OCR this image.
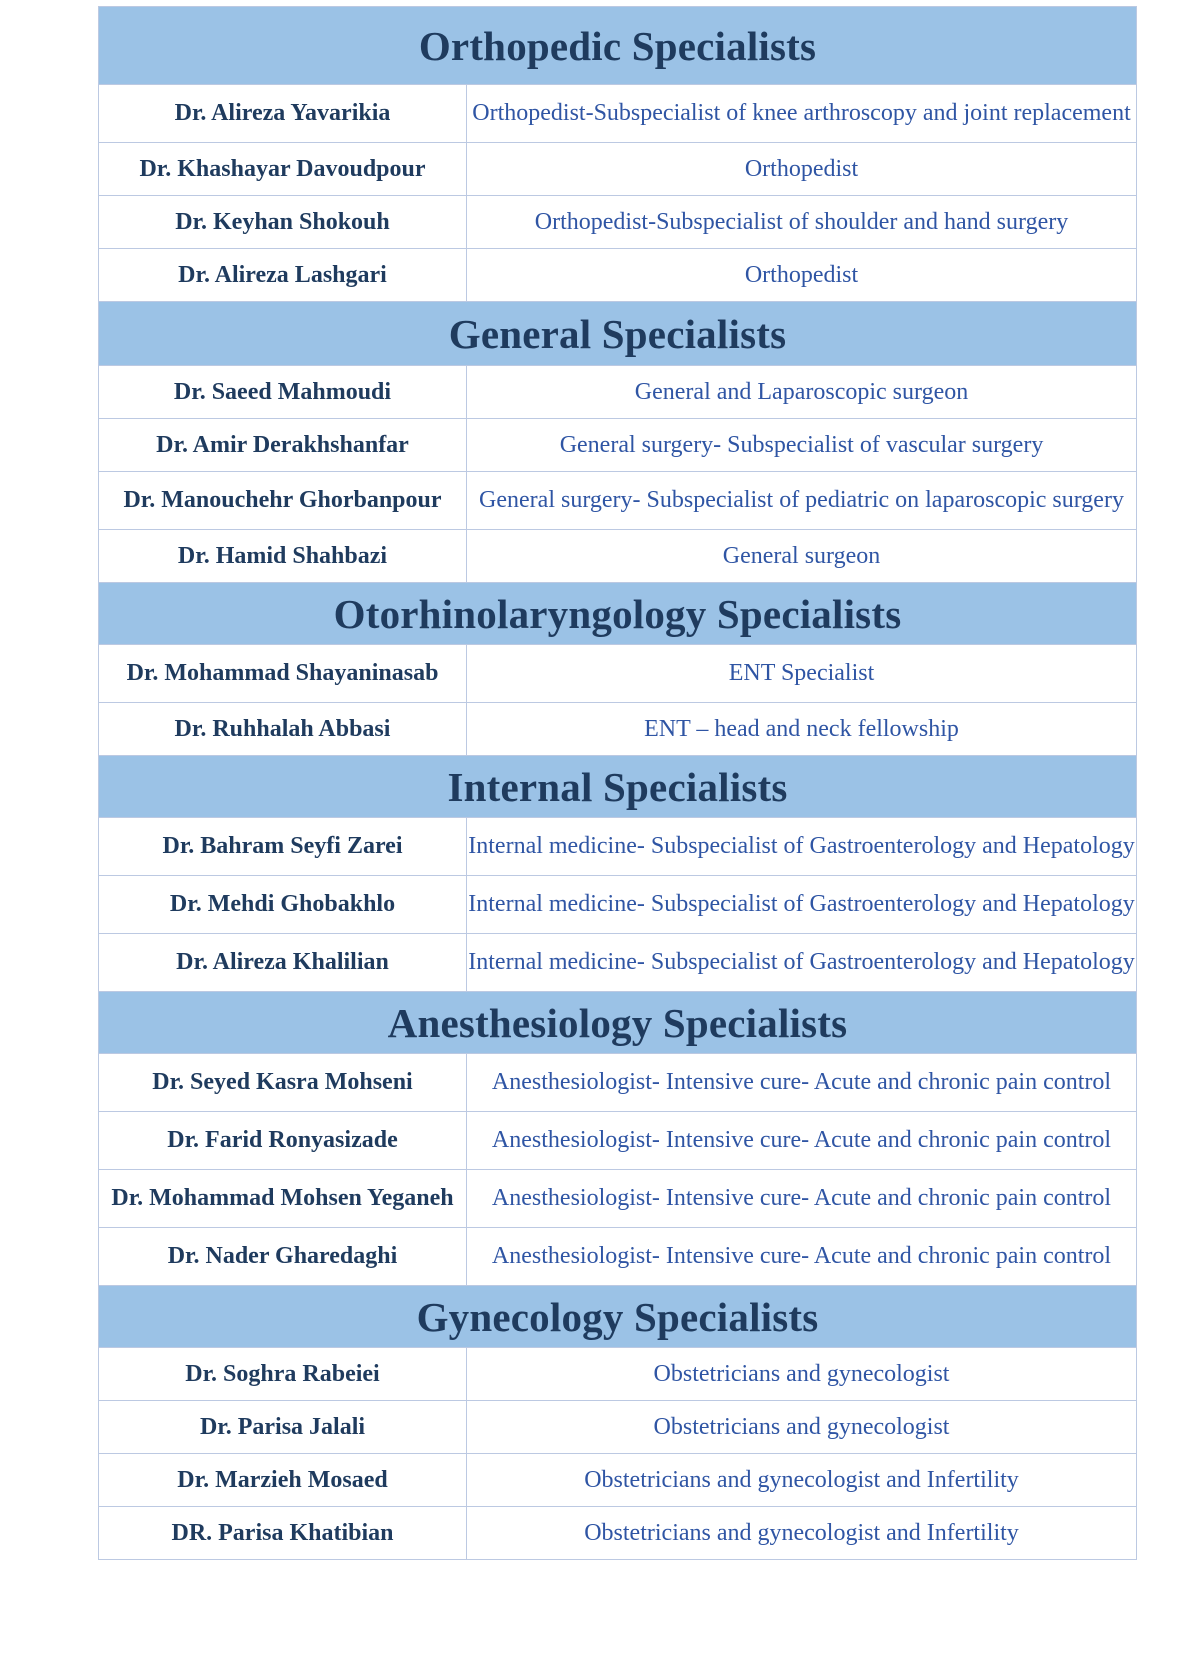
Orthopedic Specialists	
Dr. Alireza Yavarikia	Orthopedist-Subspecialist of knee arthroscopy and joint replacement
Dr. Khashayar Davoudpour	Orthopedist
Dr. Keyhan Shokouh	Orthopedist-Subspecialist of shoulder and hand surgery
Dr. Alireza Lashgari	Orthopedist
General Specialists	
Dr. Saeed Mahmoudi	General and Laparoscopic surgeon
Dr. Amir Derakhshanfar	General surgery- Subspecialist of vascular surgery
Dr. Manouchehr Ghorbanpour	General surgery- Subspecialist of pediatric on laparoscopic surgery
Dr. Hamid Shahbazi	General surgeon
Otorhinolaryngology Specialists	
Dr. Mohammad Shayaninasab	ENT Specialist
Dr. Ruhhalah Abbasi	ENT – head and neck fellowship
Internal Specialists	
Dr. Bahram Seyfi Zarei	Internal medicine- Subspecialist of Gastroenterology and Hepatology
Dr. Mehdi Ghobakhlo	Internal medicine- Subspecialist of Gastroenterology and Hepatology
Dr. Alireza Khalilian	Internal medicine- Subspecialist of Gastroenterology and Hepatology
Anesthesiology Specialists	
Dr. Seyed Kasra Mohseni	Anesthesiologist- Intensive cure- Acute and chronic pain control
Dr. Farid Ronyasizade	Anesthesiologist- Intensive cure- Acute and chronic pain control
Dr. Mohammad Mohsen Yeganeh	Anesthesiologist- Intensive cure- Acute and chronic pain control
Dr. Nader Gharedaghi	Anesthesiologist- Intensive cure- Acute and chronic pain control
Gynecology Specialists	
Dr. Soghra Rabeiei	Obstetricians and gynecologist
Dr. Parisa Jalali	Obstetricians and gynecologist
Dr. Marzieh Mosaed	Obstetricians and gynecologist and Infertility
DR. Parisa Khatibian	Obstetricians and gynecologist and Infertility
